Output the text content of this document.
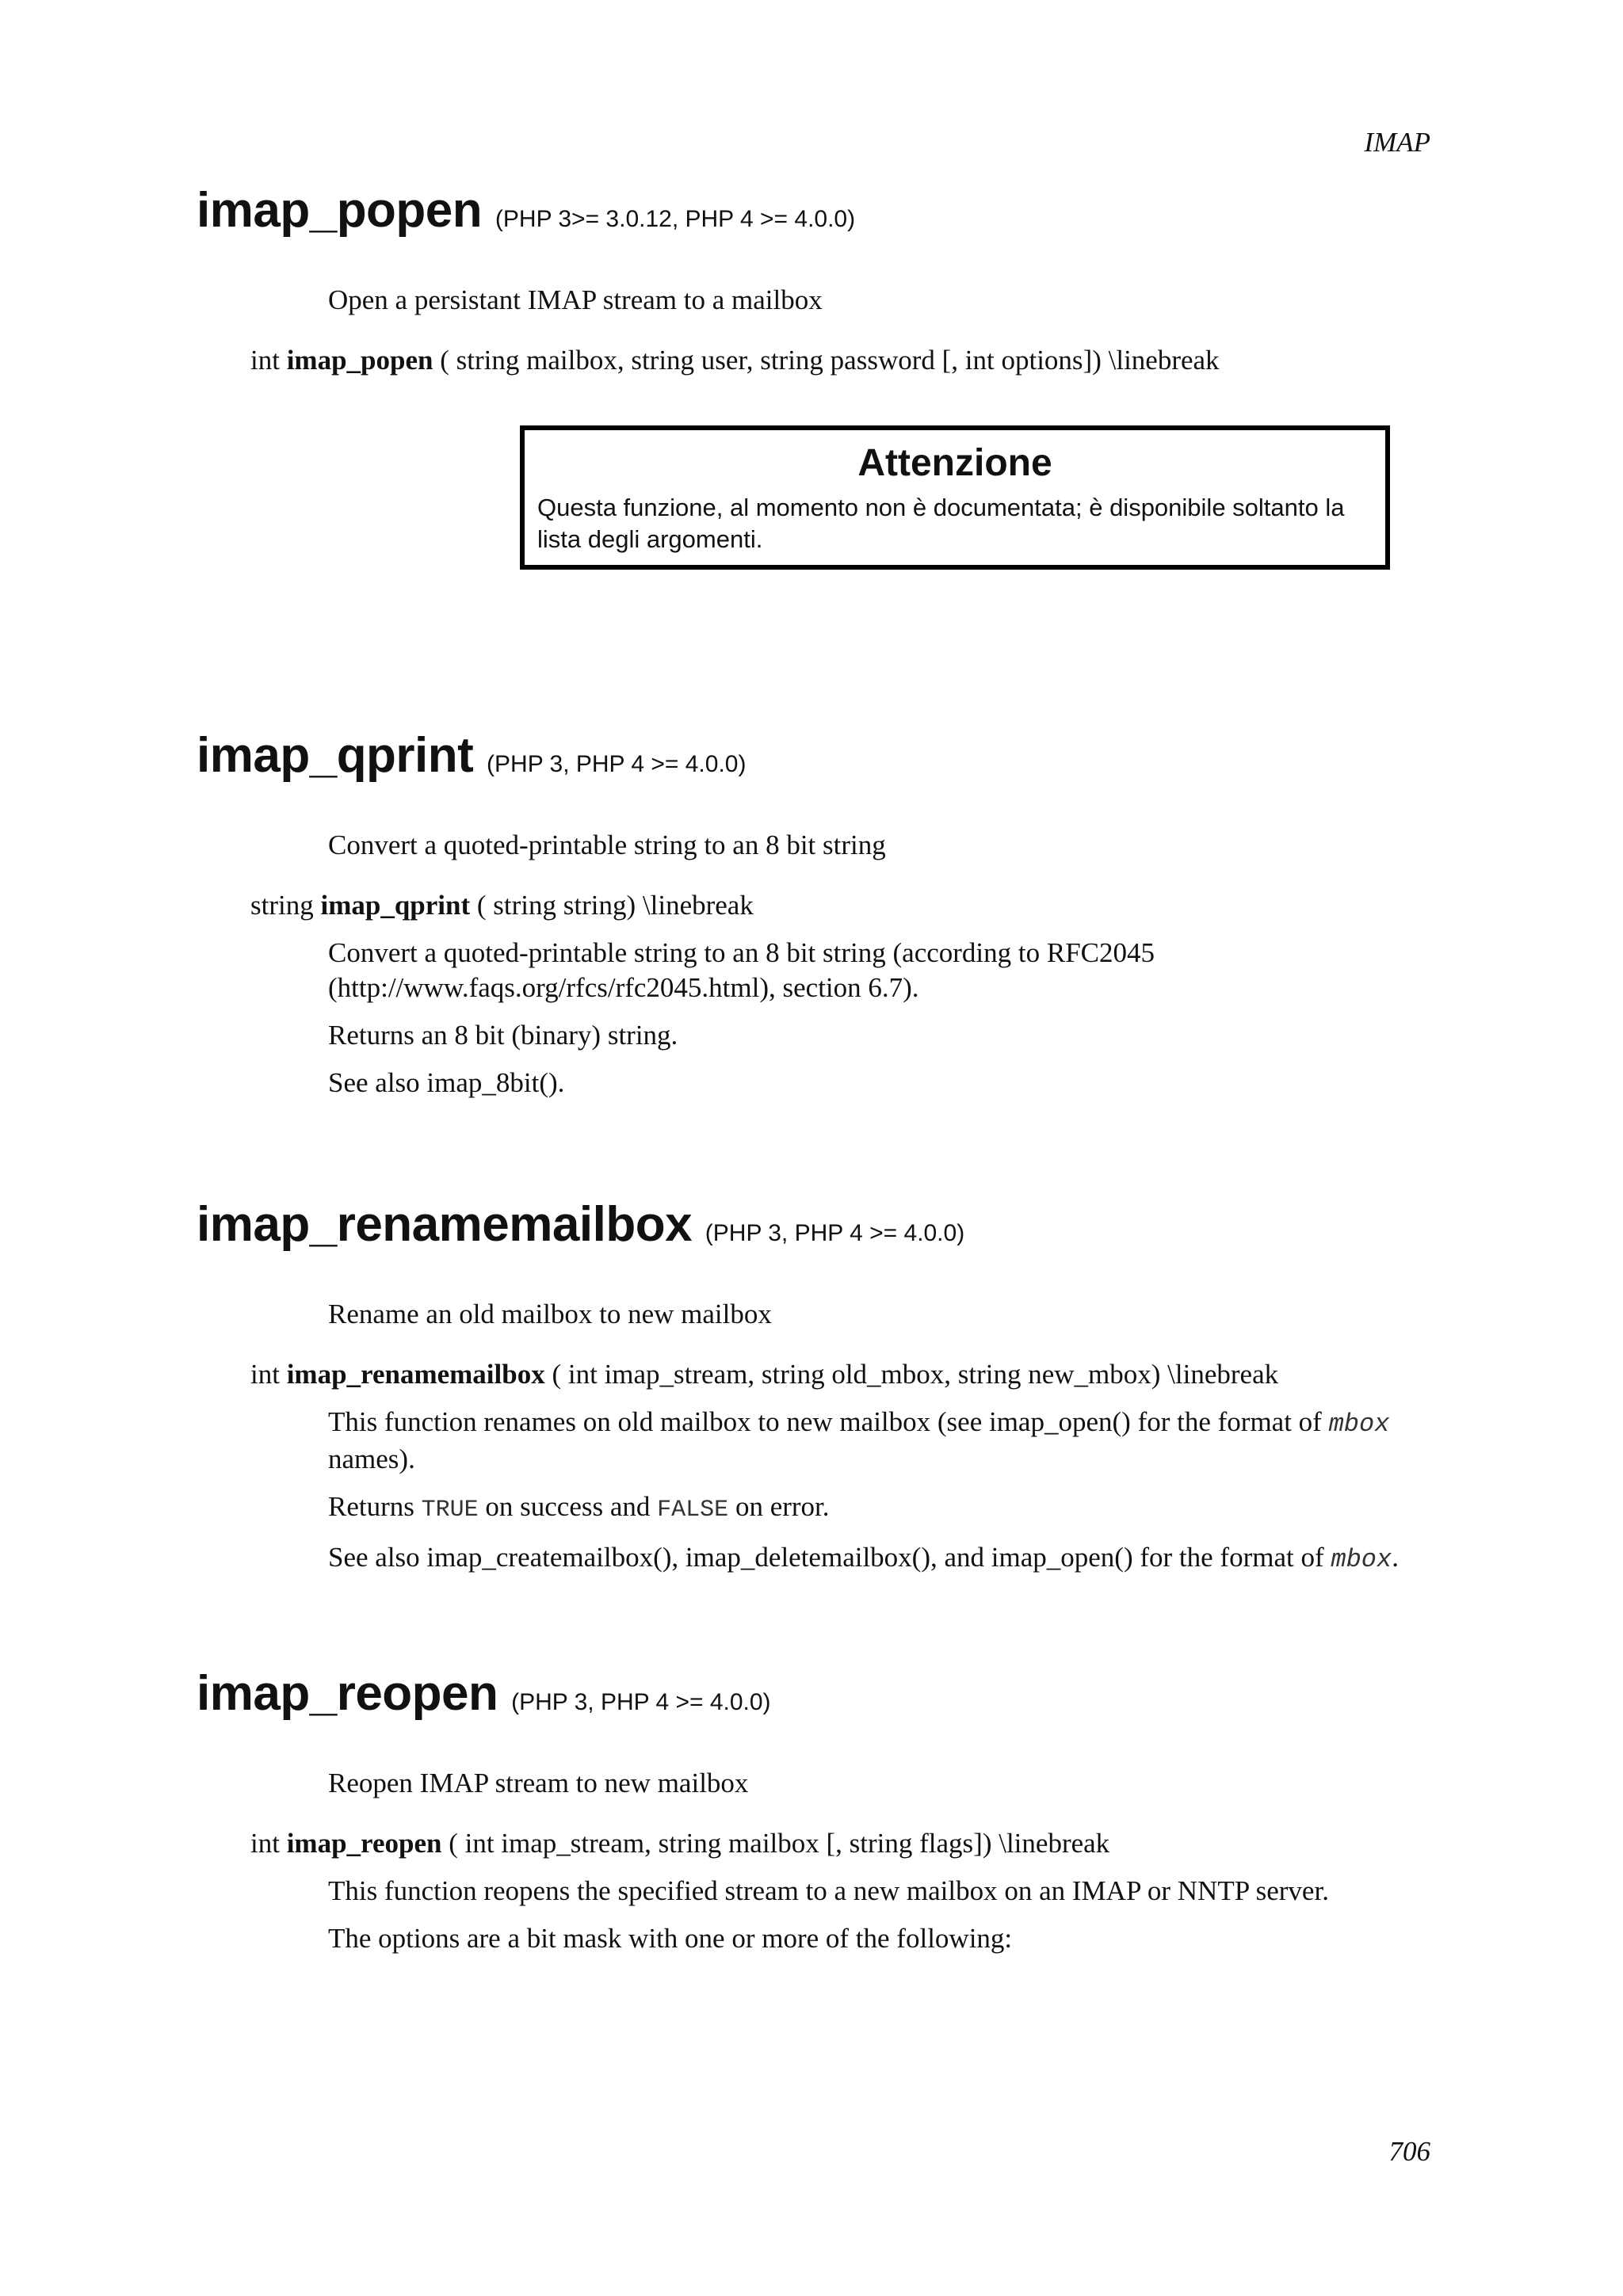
IMAP
imap_popen (PHP 3>= 3.0.12, PHP 4 >= 4.0.0)
Open a persistant IMAP stream to a mailbox
int imap_popen ( string mailbox, string user, string password [, int options]) \linebreak
Attenzione
Questa funzione, al momento non è documentata; è disponibile soltanto la lista degli argomenti.
imap_qprint (PHP 3, PHP 4 >= 4.0.0)
Convert a quoted-printable string to an 8 bit string
string imap_qprint ( string string) \linebreak

Convert a quoted-printable string to an 8 bit string (according to RFC2045 (http://www.faqs.org/rfcs/rfc2045.html), section 6.7).

Returns an 8 bit (binary) string.

See also imap_8bit().

imap_renamemailbox (PHP 3, PHP 4 >= 4.0.0)
Rename an old mailbox to new mailbox
int imap_renamemailbox ( int imap_stream, string old_mbox, string new_mbox) \linebreak

This function renames on old mailbox to new mailbox (see imap_open() for the format of mbox names).

Returns TRUE on success and FALSE on error.

See also imap_createmailbox(), imap_deletemailbox(), and imap_open() for the format of mbox.

imap_reopen (PHP 3, PHP 4 >= 4.0.0)
Reopen IMAP stream to new mailbox
int imap_reopen ( int imap_stream, string mailbox [, string flags]) \linebreak

This function reopens the specified stream to a new mailbox on an IMAP or NNTP server.

The options are a bit mask with one or more of the following:

706
